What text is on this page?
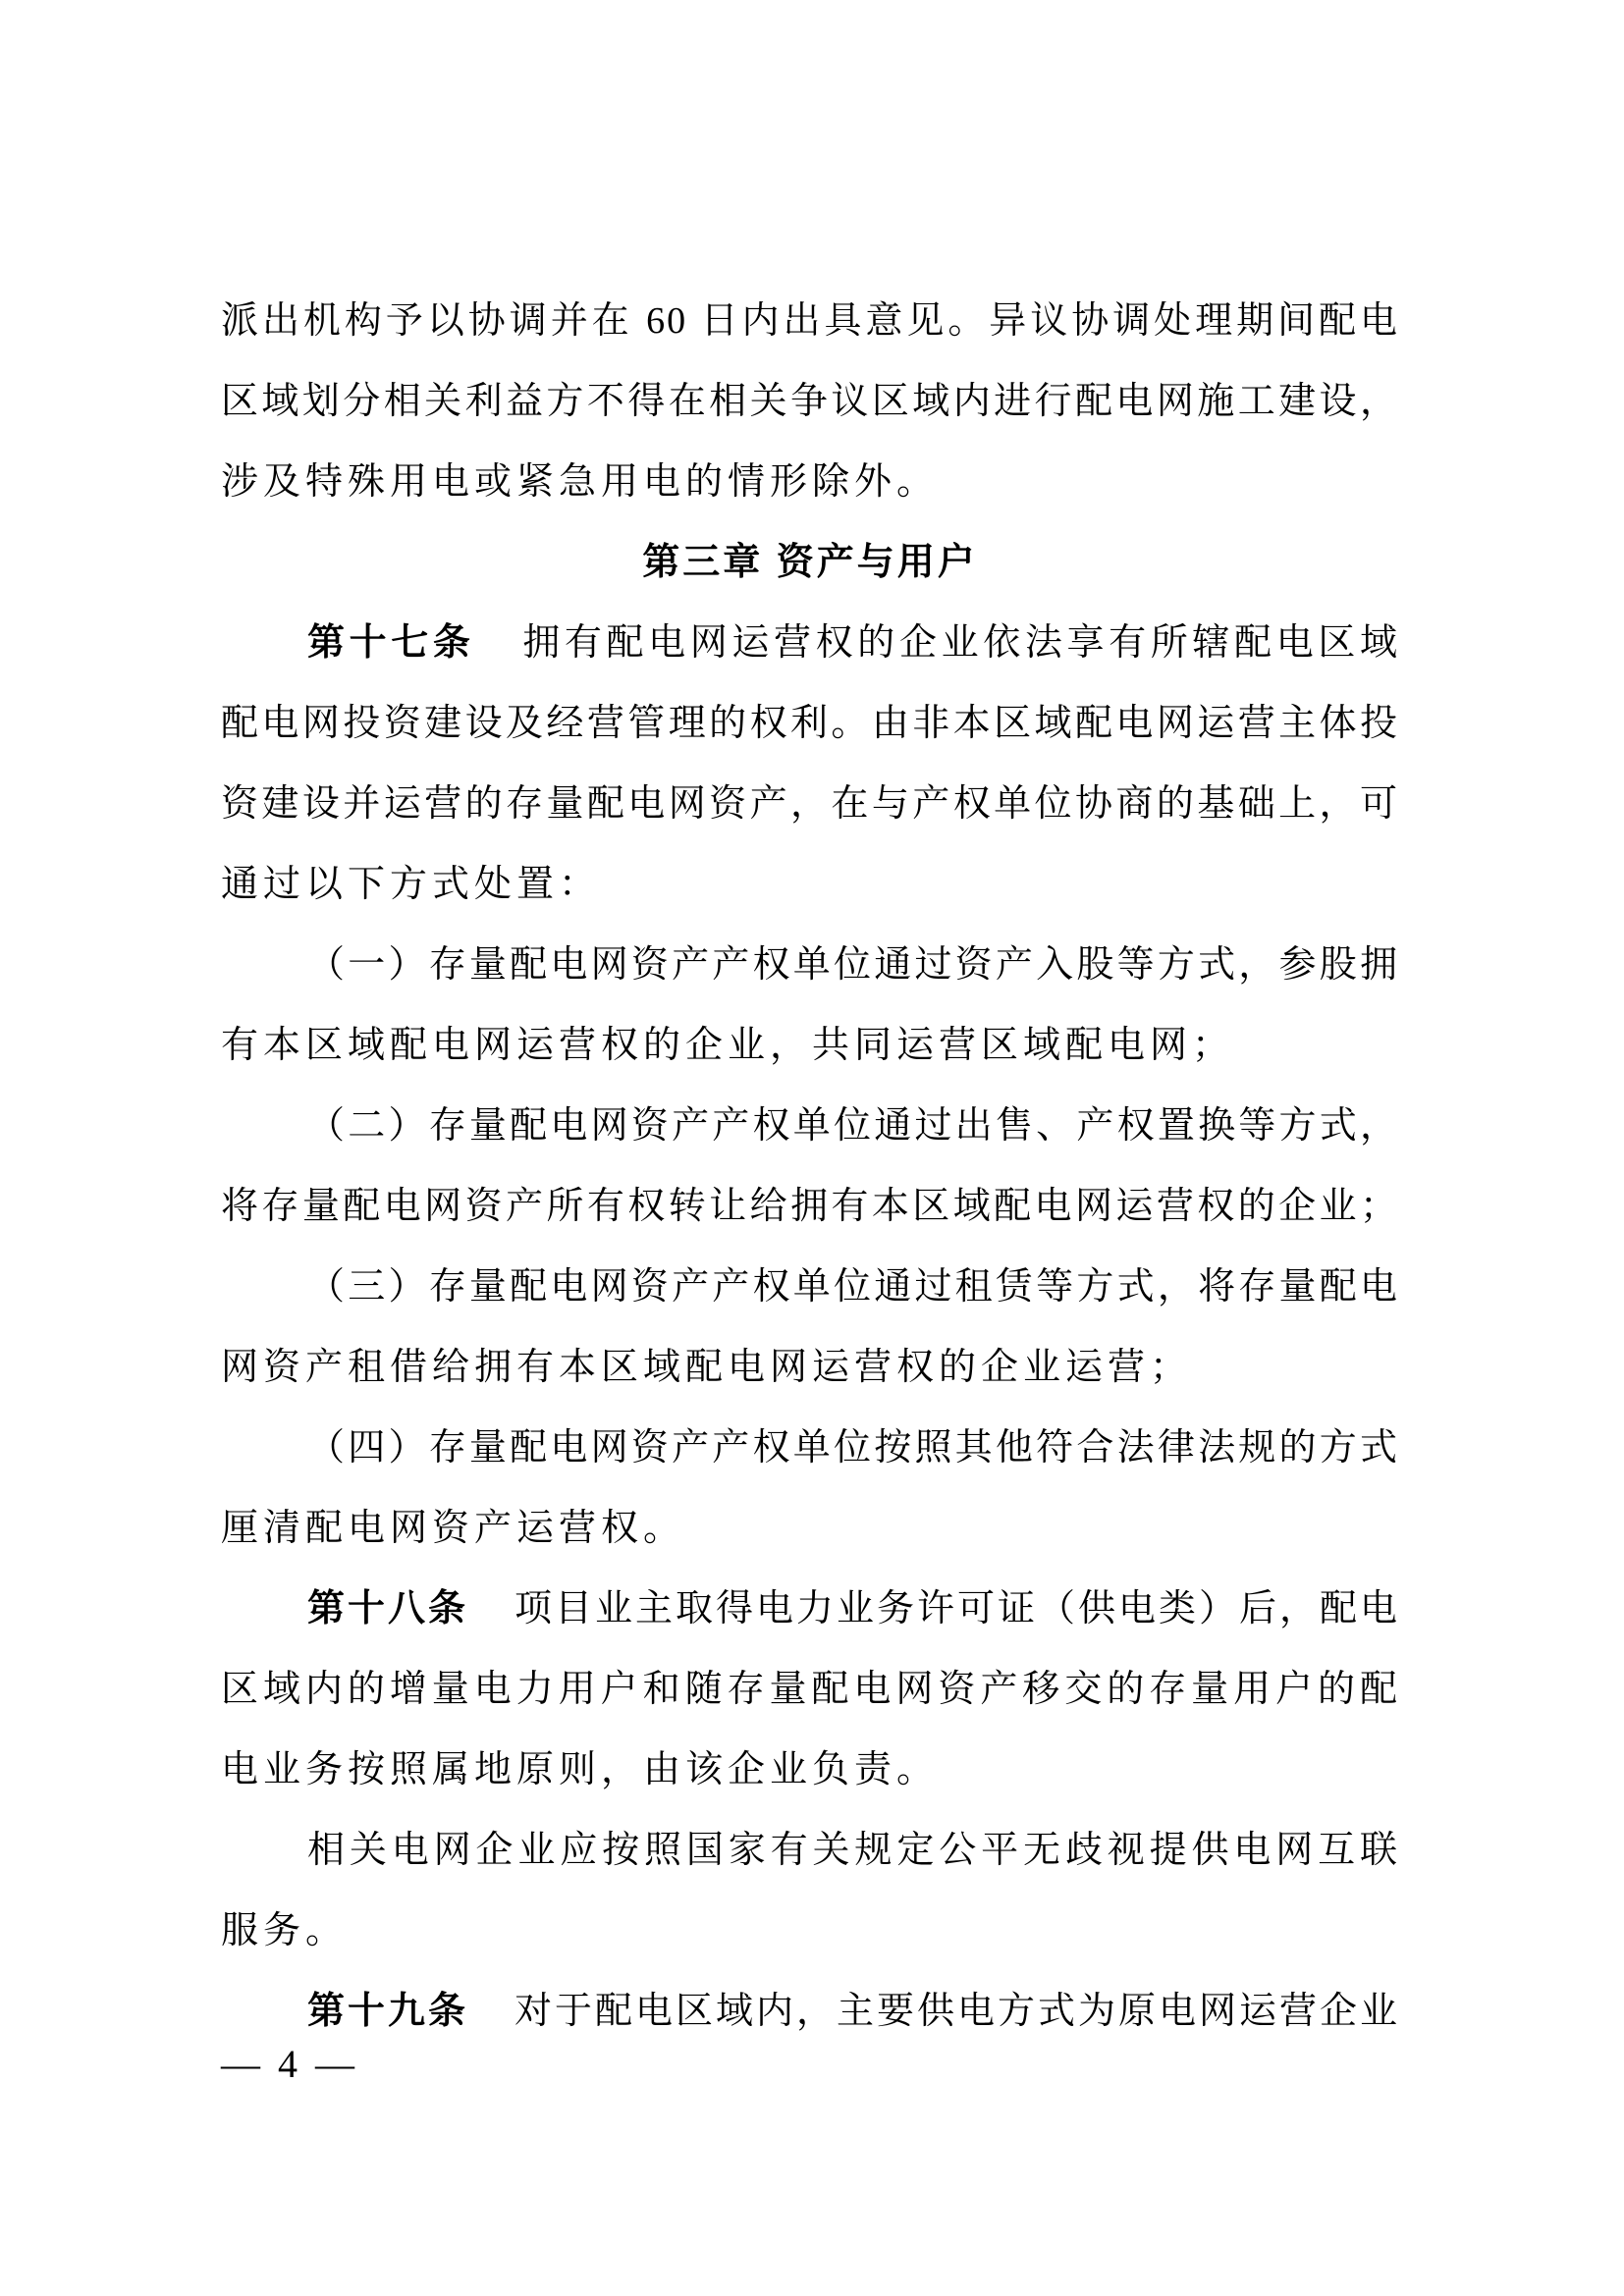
派出机构予以协调并在 60 日内出具意见。异议协调处理期间配电
区域划分相关利益方不得在相关争议区域内进行配电网施工建设，
涉及特殊用电或紧急用电的情形除外。
第三章 资产与用户
第十七条 拥有配电网运营权的企业依法享有所辖配电区域
配电网投资建设及经营管理的权利。由非本区域配电网运营主体投
资建设并运营的存量配电网资产，在与产权单位协商的基础上，可
通过以下方式处置：
（一）存量配电网资产产权单位通过资产入股等方式，参股拥
有本区域配电网运营权的企业，共同运营区域配电网；
（二）存量配电网资产产权单位通过出售、产权置换等方式，
将存量配电网资产所有权转让给拥有本区域配电网运营权的企业；
（三）存量配电网资产产权单位通过租赁等方式，将存量配电
网资产租借给拥有本区域配电网运营权的企业运营；
（四）存量配电网资产产权单位按照其他符合法律法规的方式
厘清配电网资产运营权。
第十八条 项目业主取得电力业务许可证（供电类）后，配电
区域内的增量电力用户和随存量配电网资产移交的存量用户的配
电业务按照属地原则，由该企业负责。
相关电网企业应按照国家有关规定公平无歧视提供电网互联
服务。
第十九条 对于配电区域内，主要供电方式为原电网运营企业
— 4 —
